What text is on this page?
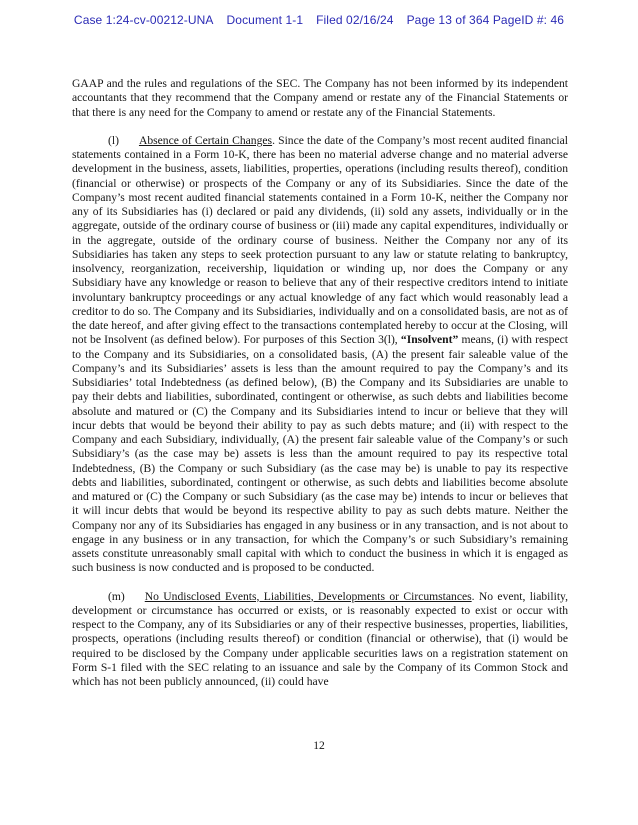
Case 1:24-cv-00212-UNA Document 1-1 Filed 02/16/24 Page 13 of 364 PageID #: 46

GAAP and the rules and regulations of the SEC. The Company has not been informed by its independent accountants that they recommend that the Company amend or restate any of the Financial Statements or that there is any need for the Company to amend or restate any of the Financial Statements.

(l) Absence of Certain Changes. Since the date of the Company’s most recent audited financial statements contained in a Form 10-K, there has been no material adverse change and no material adverse development in the business, assets, liabilities, properties, operations (including results thereof), condition (financial or otherwise) or prospects of the Company or any of its Subsidiaries. Since the date of the Company’s most recent audited financial statements contained in a Form 10-K, neither the Company nor any of its Subsidiaries has (i) declared or paid any dividends, (ii) sold any assets, individually or in the aggregate, outside of the ordinary course of business or (iii) made any capital expenditures, individually or in the aggregate, outside of the ordinary course of business. Neither the Company nor any of its Subsidiaries has taken any steps to seek protection pursuant to any law or statute relating to bankruptcy, insolvency, reorganization, receivership, liquidation or winding up, nor does the Company or any Subsidiary have any knowledge or reason to believe that any of their respective creditors intend to initiate involuntary bankruptcy proceedings or any actual knowledge of any fact which would reasonably lead a creditor to do so. The Company and its Subsidiaries, individually and on a consolidated basis, are not as of the date hereof, and after giving effect to the transactions contemplated hereby to occur at the Closing, will not be Insolvent (as defined below). For purposes of this Section 3(l), “Insolvent” means, (i) with respect to the Company and its Subsidiaries, on a consolidated basis, (A) the present fair saleable value of the Company’s and its Subsidiaries’ assets is less than the amount required to pay the Company’s and its Subsidiaries’ total Indebtedness (as defined below), (B) the Company and its Subsidiaries are unable to pay their debts and liabilities, subordinated, contingent or otherwise, as such debts and liabilities become absolute and matured or (C) the Company and its Subsidiaries intend to incur or believe that they will incur debts that would be beyond their ability to pay as such debts mature; and (ii) with respect to the Company and each Subsidiary, individually, (A) the present fair saleable value of the Company’s or such Subsidiary’s (as the case may be) assets is less than the amount required to pay its respective total Indebtedness, (B) the Company or such Subsidiary (as the case may be) is unable to pay its respective debts and liabilities, subordinated, contingent or otherwise, as such debts and liabilities become absolute and matured or (C) the Company or such Subsidiary (as the case may be) intends to incur or believes that it will incur debts that would be beyond its respective ability to pay as such debts mature. Neither the Company nor any of its Subsidiaries has engaged in any business or in any transaction, and is not about to engage in any business or in any transaction, for which the Company’s or such Subsidiary’s remaining assets constitute unreasonably small capital with which to conduct the business in which it is engaged as such business is now conducted and is proposed to be conducted.

(m) No Undisclosed Events, Liabilities, Developments or Circumstances. No event, liability, development or circumstance has occurred or exists, or is reasonably expected to exist or occur with respect to the Company, any of its Subsidiaries or any of their respective businesses, properties, liabilities, prospects, operations (including results thereof) or condition (financial or otherwise), that (i) would be required to be disclosed by the Company under applicable securities laws on a registration statement on Form S-1 filed with the SEC relating to an issuance and sale by the Company of its Common Stock and which has not been publicly announced, (ii) could have

12
